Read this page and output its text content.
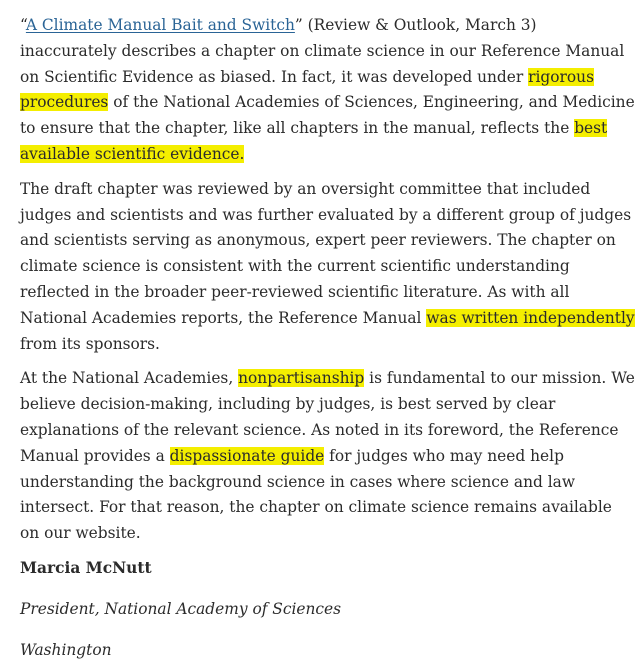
“A Climate Manual Bait and Switch” (Review & Outlook, March 3) inaccurately describes a chapter on climate science in our Reference Manual on Scientific Evidence as biased. In fact, it was developed under rigorous procedures of the National Academies of Sciences, Engineering, and Medicine to ensure that the chapter, like all chapters in the manual, reflects the best available scientific evidence.

The draft chapter was reviewed by an oversight committee that included judges and scientists and was further evaluated by a different group of judges and scientists serving as anonymous, expert peer reviewers. The chapter on climate science is consistent with the current scientific understanding reflected in the broader peer-reviewed scientific literature. As with all National Academies reports, the Reference Manual was written independently from its sponsors.

At the National Academies, nonpartisanship is fundamental to our mission. We believe decision-making, including by judges, is best served by clear explanations of the relevant science. As noted in its foreword, the Reference Manual provides a dispassionate guide for judges who may need help understanding the background science in cases where science and law intersect. For that reason, the chapter on climate science remains available on our website.

Marcia McNutt

President, National Academy of Sciences

Washington
